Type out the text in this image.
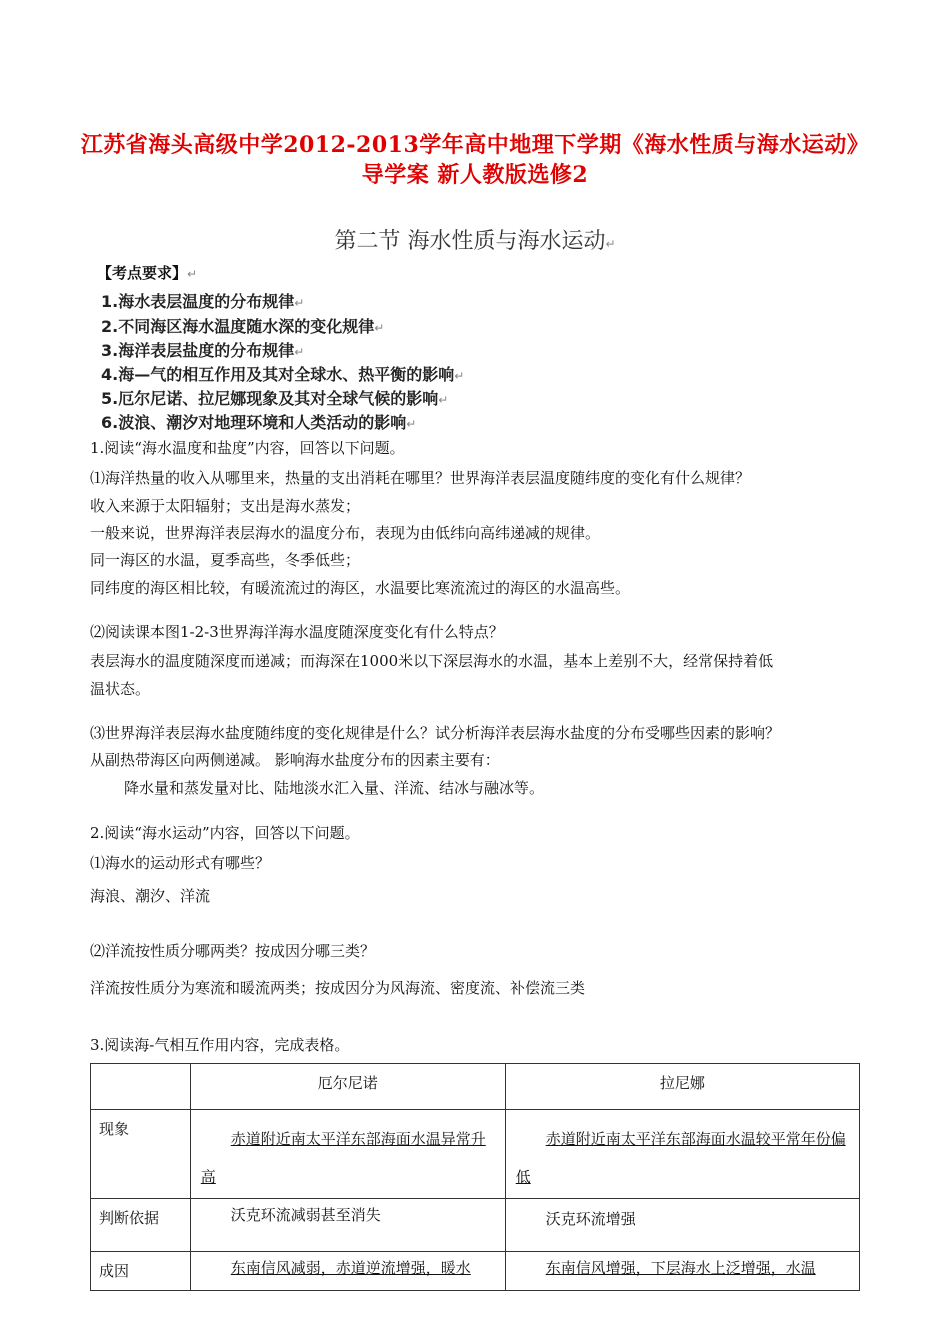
江苏省海头高级中学2012-2013学年高中地理下学期《海水性质与海水运动》
导学案 新人教版选修2
第二节 海水性质与海水运动↵
【考点要求】↵
1.海水表层温度的分布规律↵
2.不同海区海水温度随水深的变化规律↵
3.海洋表层盐度的分布规律↵
4.海—气的相互作用及其对全球水、热平衡的影响↵
5.厄尔尼诺、拉尼娜现象及其对全球气候的影响↵
6.波浪、潮汐对地理环境和人类活动的影响↵
1.阅读“海水温度和盐度”内容，回答以下问题。
⑴海洋热量的收入从哪里来，热量的支出消耗在哪里？世界海洋表层温度随纬度的变化有什么规律？
收入来源于太阳辐射；支出是海水蒸发；
一般来说，世界海洋表层海水的温度分布，表现为由低纬向高纬递减的规律。
同一海区的水温，夏季高些，冬季低些；
同纬度的海区相比较，有暖流流过的海区，水温要比寒流流过的海区的水温高些。
⑵阅读课本图1-2-3世界海洋海水温度随深度变化有什么特点？
表层海水的温度随深度而递减；而海深在1000米以下深层海水的水温，基本上差别不大，经常保持着低
温状态。
⑶世界海洋表层海水盐度随纬度的变化规律是什么？试分析海洋表层海水盐度的分布受哪些因素的影响？
从副热带海区向两侧递减。 影响海水盐度分布的因素主要有：
降水量和蒸发量对比、陆地淡水汇入量、洋流、结冰与融冰等。
2.阅读“海水运动”内容，回答以下问题。
⑴海水的运动形式有哪些？
海浪、潮汐、洋流
⑵洋流按性质分哪两类？按成因分哪三类？
洋流按性质分为寒流和暖流两类；按成因分为风海流、密度流、补偿流三类
3.阅读海-气相互作用内容，完成表格。
	厄尔尼诺	拉尼娜
现象	赤道附近南太平洋东部海面水温异常升高	赤道附近南太平洋东部海面水温较平常年份偏低

判断依据	沃克环流减弱甚至消失	沃克环流增强

成因	东南信风减弱，赤道逆流增强，暖水	东南信风增强，下层海水上泛增强，水温
